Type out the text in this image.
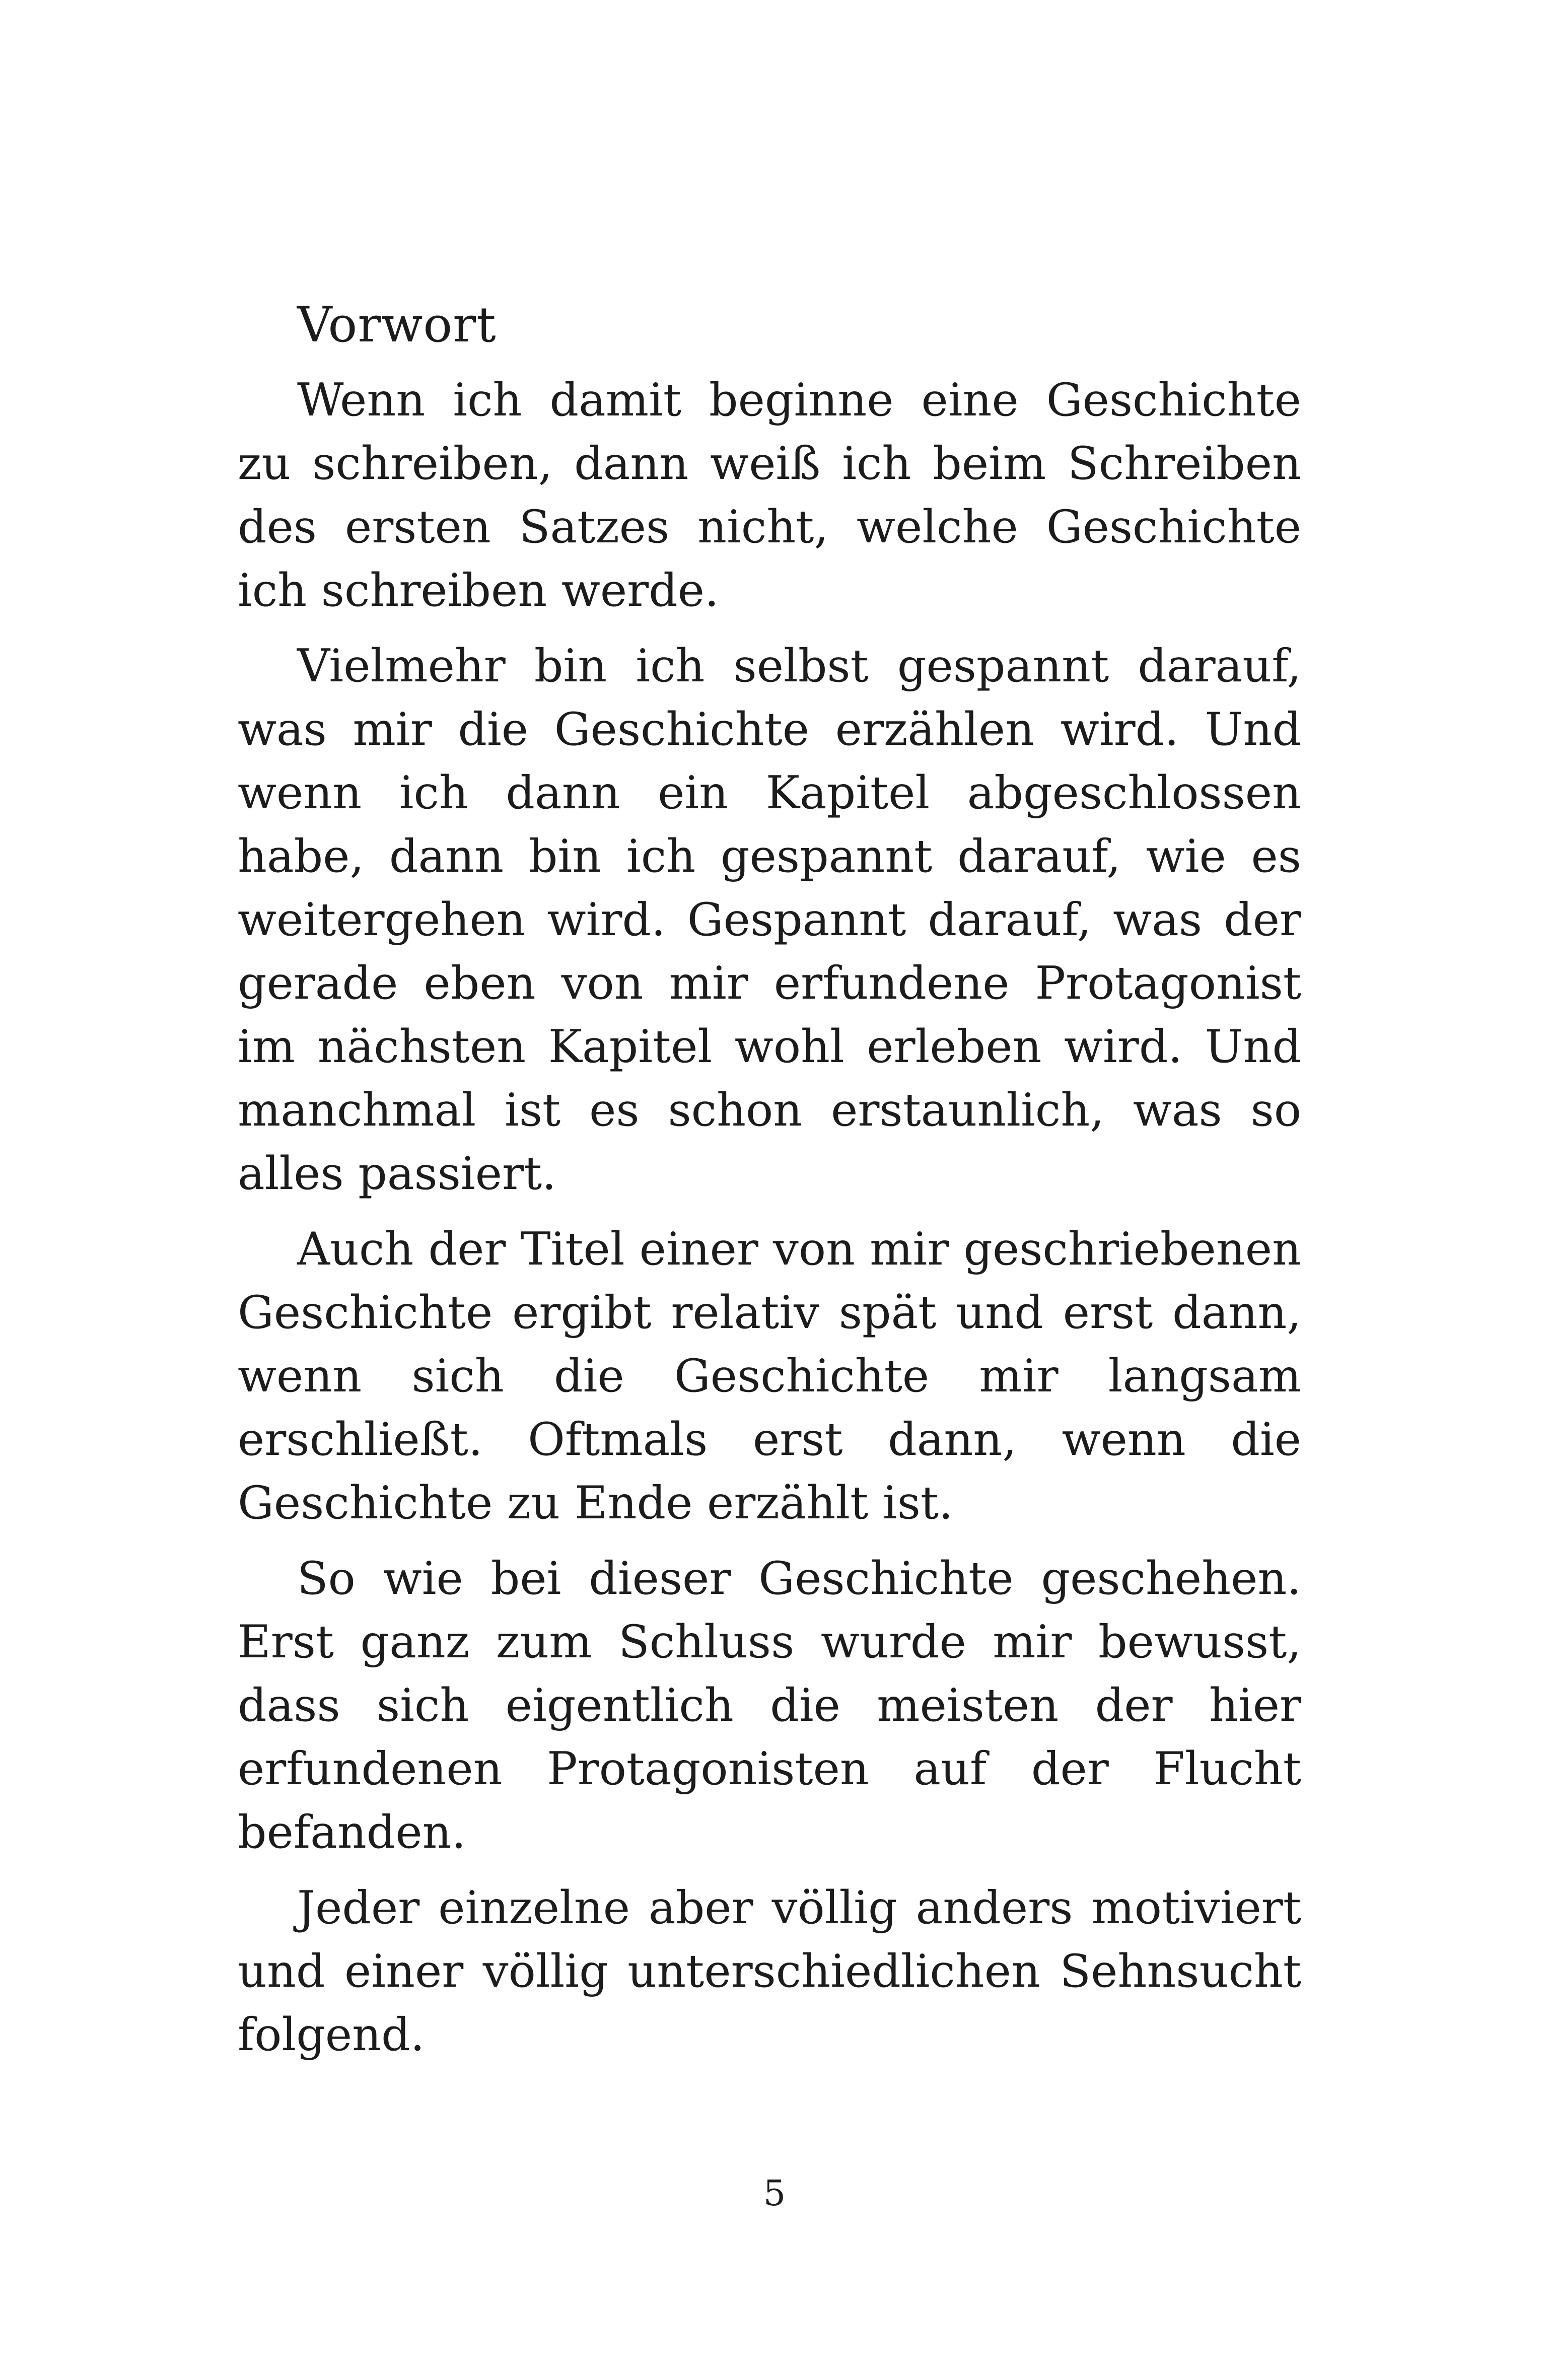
Vorwort

Wenn ich damit beginne eine Geschichte zu schreiben, dann weiß ich beim Schreiben des ersten Satzes nicht, welche Geschichte ich schreiben werde.

Vielmehr bin ich selbst gespannt darauf, was mir die Geschichte erzählen wird. Und wenn ich dann ein Kapitel abgeschlossen habe, dann bin ich gespannt darauf, wie es weitergehen wird. Gespannt darauf, was der gerade eben von mir erfundene Protagonist im nächsten Kapitel wohl erleben wird. Und manchmal ist es schon erstaunlich, was so alles passiert.

Auch der Titel einer von mir geschriebenen Geschichte ergibt relativ spät und erst dann, wenn sich die Geschichte mir langsam erschließt. Oftmals erst dann, wenn die Geschichte zu Ende erzählt ist.

So wie bei dieser Geschichte geschehen. Erst ganz zum Schluss wurde mir bewusst, dass sich eigentlich die meisten der hier erfundenen Protagonisten auf der Flucht befanden.

Jeder einzelne aber völlig anders motiviert und einer völlig unterschiedlichen Sehnsucht folgend.

5
